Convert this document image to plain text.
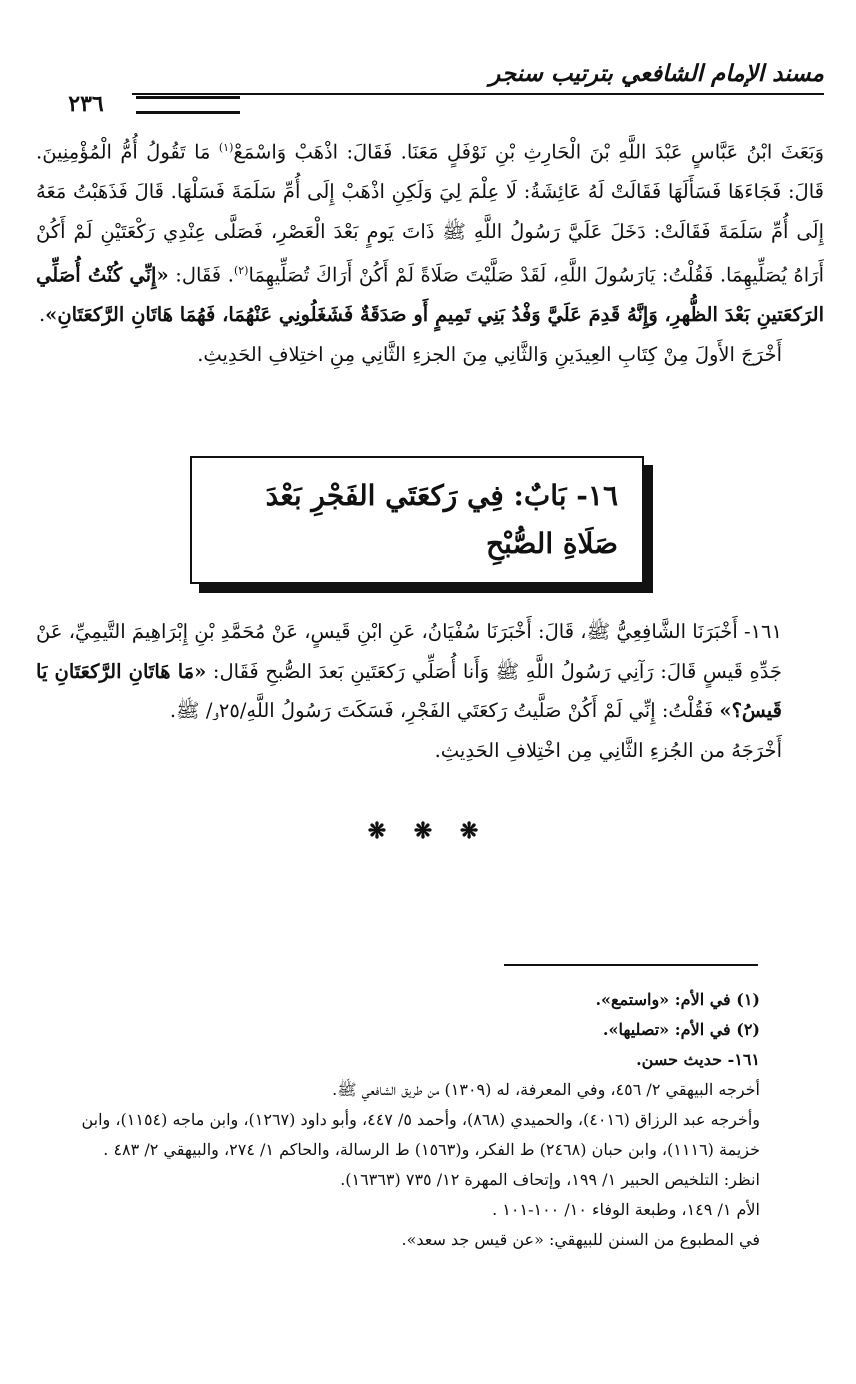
مسند الإمام الشافعي بترتيب سنجر
٢٣٦

وَبَعَثَ ابْنُ عَبَّاسٍ عَبْدَ اللَّهِ بْنَ الْحَارِثِ بْنِ نَوْفَلٍ مَعَنَا. فَقَالَ: اذْهَبْ وَاسْمَعْ$^{(١)}$ مَا تَقُولُ أُمُّ الْمُؤْمِنِينَ. قَالَ: فَجَاءَهَا فَسَأَلَهَا فَقَالَتْ لَهُ عَائِشَةُ: لَا عِلْمَ لِيَ وَلَكِنِ اذْهَبْ إِلَى أُمِّ سَلَمَةَ فَسَلْهَا. قَالَ فَذَهَبْتُ مَعَهُ إِلَى أُمِّ سَلَمَةَ فَقَالَتْ: دَخَلَ عَلَيَّ رَسُولُ اللَّهِ ﷺ ذَاتَ يَومٍ بَعْدَ الْعَصْرِ، فَصَلَّى عِنْدِي رَكْعَتَيْنِ لَمْ أَكُنْ أَرَاهُ يُصَلِّيهِمَا. فَقُلْتُ: يَارَسُولَ اللَّهِ، لَقَدْ صَلَّيْتَ صَلَاةً لَمْ أَكُنْ أَرَاكَ تُصَلِّيهِمَا$^{(٢)}$. فَقَال: «إِنِّي كُنْتُ أُصَلِّي الرَكعَتينِ بَعْدَ الظُّهرِ، وَإِنَّهُ قَدِمَ عَلَيَّ وَفْدُ بَنِي تَمِيمٍ أَو صَدَقَةٌ فَشَغَلُونِي عَنْهُمَا، فَهُمَا هَاتَانِ الرَّكعَتَانِ».

أَخْرَجَ الأَولَ مِنْ كِتَابِ العِيدَينِ وَالثَّانِي مِنَ الجزءِ الثَّانِي مِنِ اختِلافِ الحَدِيثِ.

١٦- بَابٌ: فِي رَكعَتَي الفَجْرِ بَعْدَ صَلَاةِ الصُّبْحِ

١٦١- أَخْبَرَنَا الشَّافِعِيُّ ﷺ، قَالَ: أَخْبَرَنَا سُفْيَانُ، عَنِ ابْنِ قَيسٍ، عَنْ مُحَمَّدِ بْنِ إِبْرَاهِيمَ التَّيمِيِّ، عَنْ جَدِّهِ قَيسٍ قَالَ: رَآنِي رَسُولُ اللَّهِ ﷺ وَأَنا أُصَلِّي رَكعَتَينِ بَعدَ الصُّبحِ فَقَال: «مَا هَاتَانِ الرَّكعَتَانِ يَا قَيسُ؟» فَقُلْتُ: إِنِّي لَمْ أَكُنْ صَلَّيتُ رَكعَتَي الفَجْرِ، فَسَكَتَ رَسُولُ اللَّهِ/٢٥و/ ﷺ.

أَخْرَجَهُ من الجُزءِ الثَّانِي مِن اخْتِلافِ الحَدِيثِ.

❋ ❋ ❋

(١) في الأم: «واستمع».

(٢) في الأم: «تصليها».

١٦١- حديث حسن.

أخرجه البيهقي ٢/ ٤٥٦، وفي المعرفة، له (١٣٠٩) من طريق الشافعي ﷺ.

وأخرجه عبد الرزاق (٤٠١٦)، والحميدي (٨٦٨)، وأحمد ٥/ ٤٤٧، وأبو داود (١٢٦٧)، وابن ماجه (١١٥٤)، وابن خزيمة (١١١٦)، وابن حبان (٢٤٦٨) ط الفكر، و(١٥٦٣) ط الرسالة، والحاكم ١/ ٢٧٤، والبيهقي ٢/ ٤٨٣ .

انظر: التلخيص الحبير ١/ ١٩٩، وإتحاف المهرة ١٢/ ٧٣٥ (١٦٣٦٣).

الأم ١/ ١٤٩، وطبعة الوفاء ١٠/ ١٠٠-١٠١ .

في المطبوع من السنن للبيهقي: «عن قيس جد سعد».
